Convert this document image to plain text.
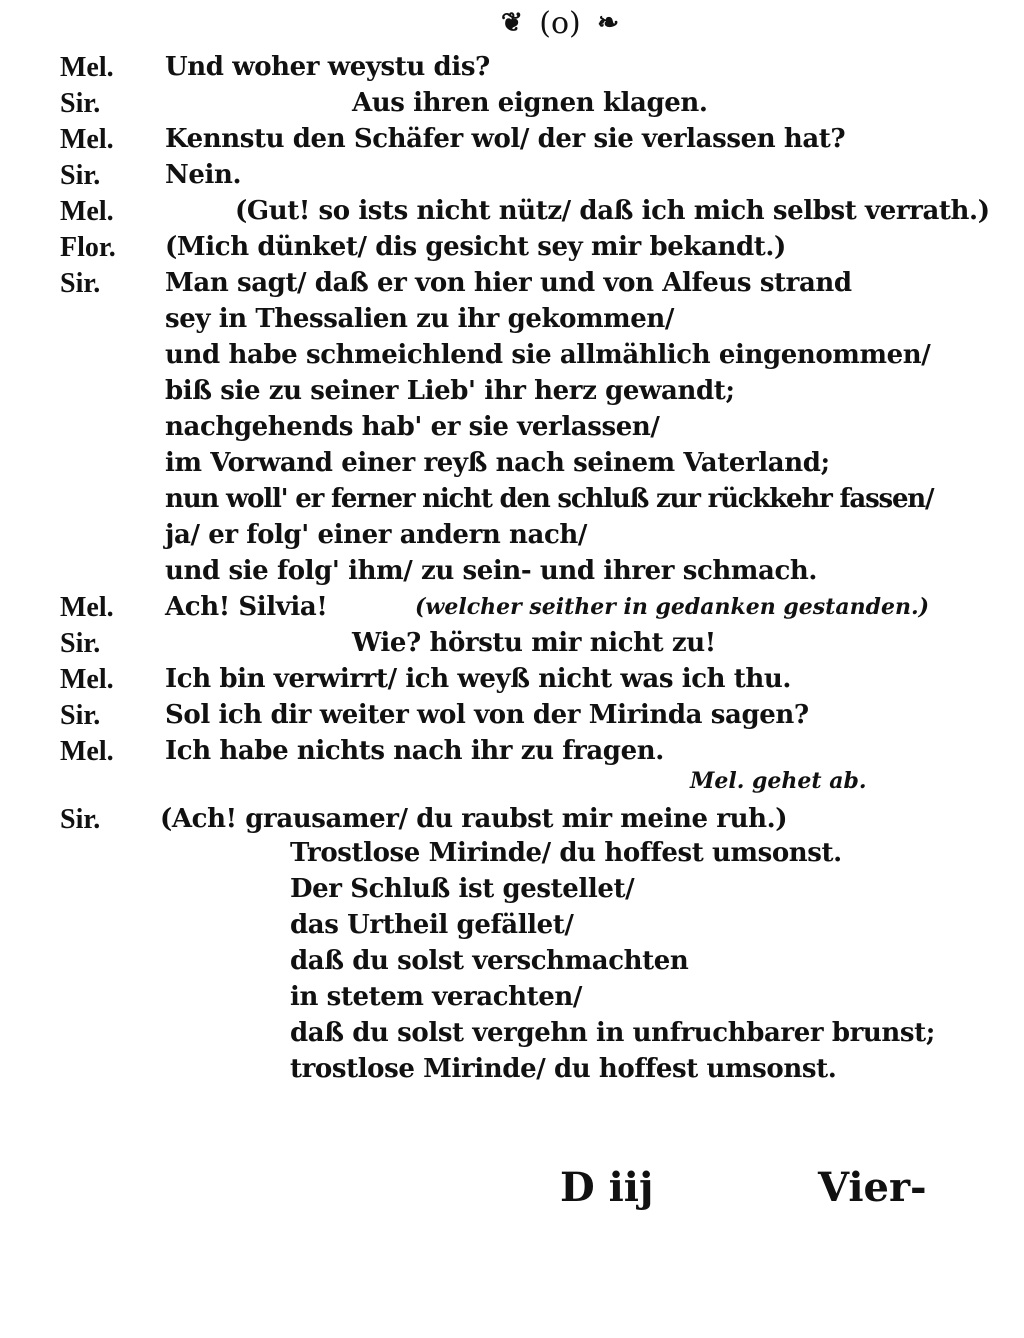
❦ (o) ❧
Mel. Und woher weystu dis?
Sir.	Aus ihren eignen klagen.
Mel. Kennstu den Schäfer wol/ der sie verlassen hat?
Sir. Nein.
Mel.	(Gut! so ists nicht nütz/ daß ich mich selbst verrath.)
Flor. (Mich dünket/ dis gesicht sey mir bekandt.)
Sir. Man sagt/ daß er von hier und von Alfeus strand
sey in Thessalien zu ihr gekommen/
und habe schmeichlend sie allmählich eingenommen/
biß sie zu seiner Lieb' ihr herz gewandt;
nachgehends hab' er sie verlassen/
im Vorwand einer reyß nach seinem Vaterland;
nun woll' er ferner nicht den schluß zur rückkehr fassen/
ja/ er folg' einer andern nach/
und sie folg' ihm/ zu sein- und ihrer schmach.
Mel. Ach! Silvia!	(welcher seither in gedanken gestanden.)
Sir.	Wie? hörstu mir nicht zu!
Mel. Ich bin verwirrt/ ich weyß nicht was ich thu.
Sir. Sol ich dir weiter wol von der Mirinda sagen?
Mel. Ich habe nichts nach ihr zu fragen.
Mel. gehet ab.
Sir. (Ach! grausamer/ du raubst mir meine ruh.)
Trostlose Mirinde/ du hoffest umsonst.
Der Schluß ist gestellet/
das Urtheil gefället/
daß du solst verschmachten
in stetem verachten/
daß du solst vergehn in unfruchbarer brunst;
trostlose Mirinde/ du hoffest umsonst.
D iij	Vier-
